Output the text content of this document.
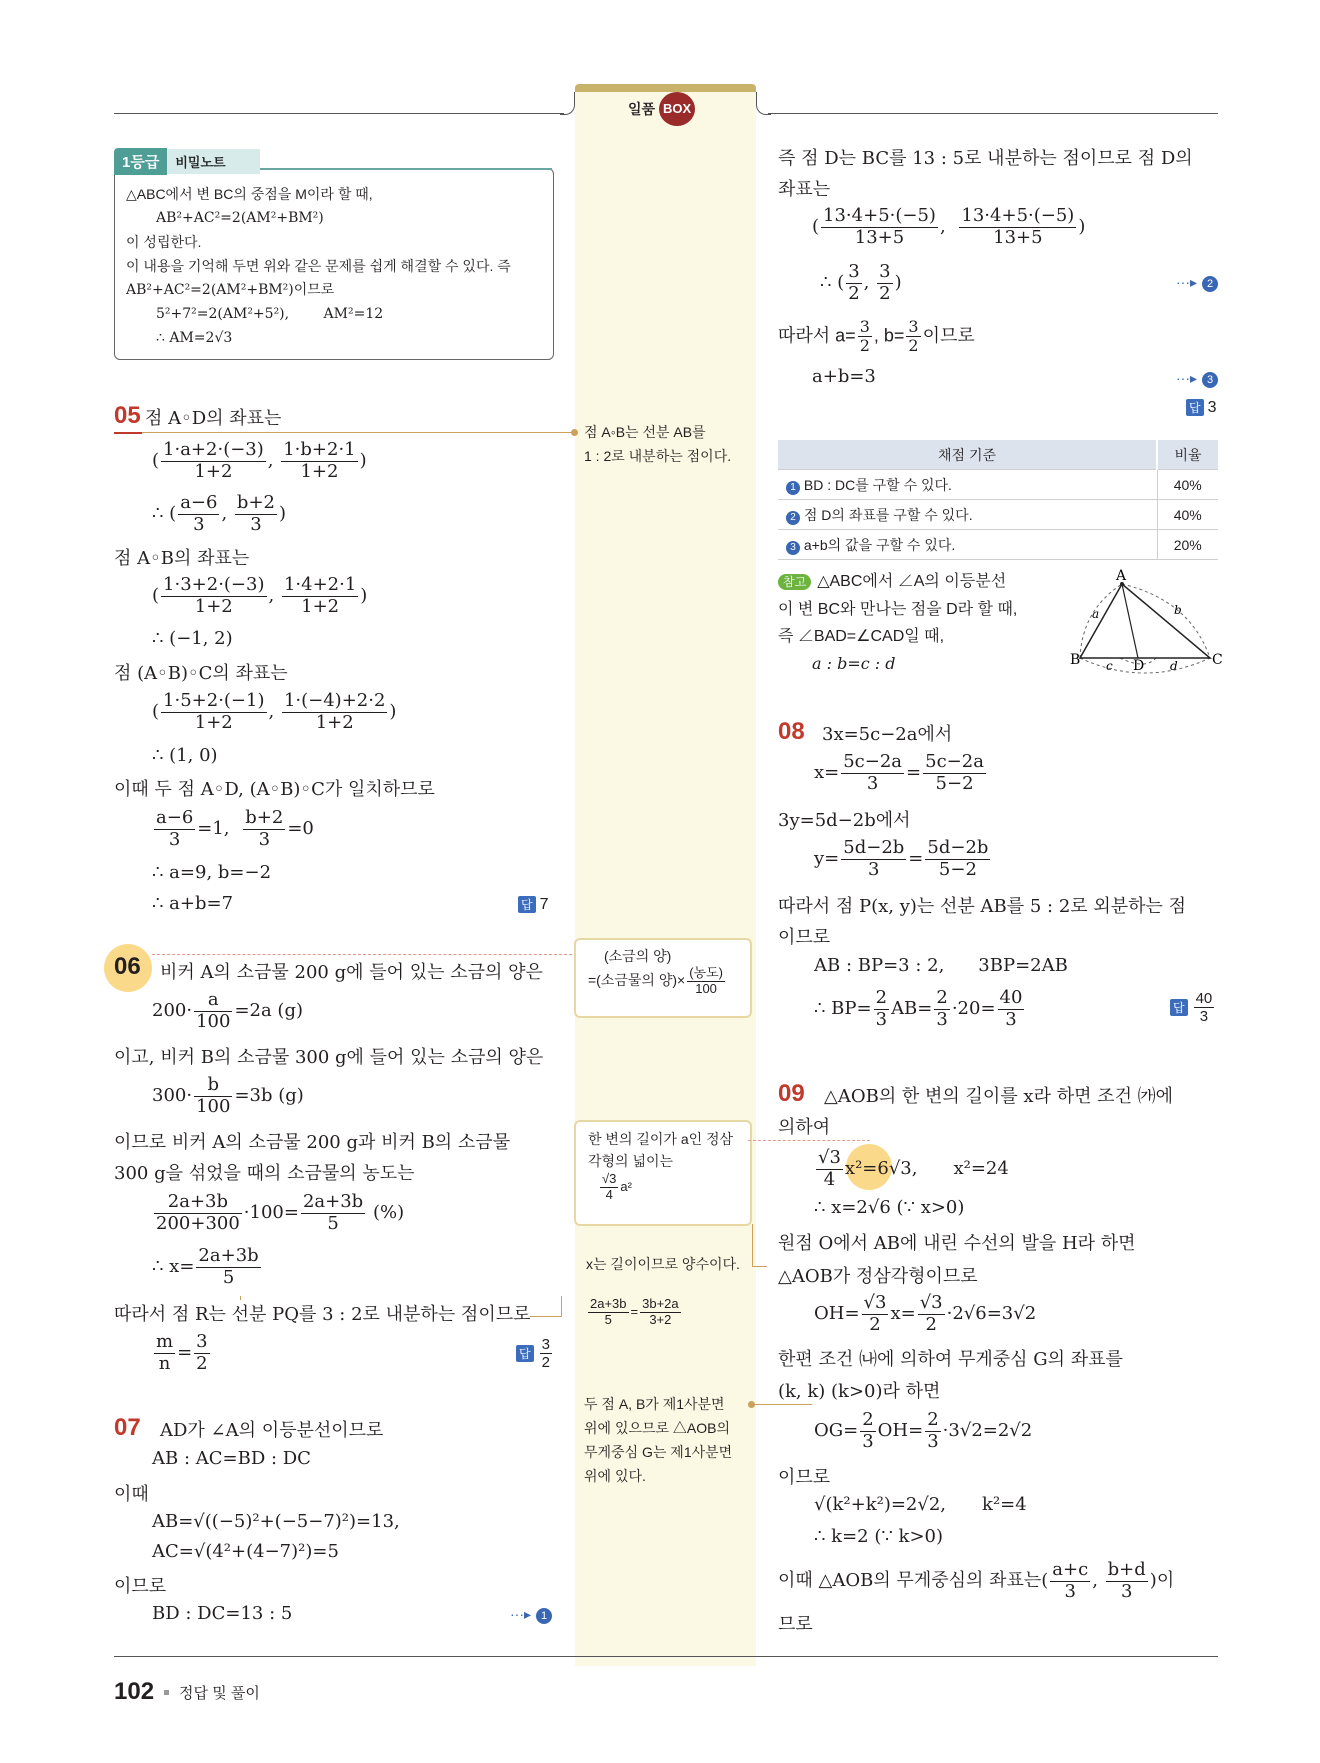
일품 BOX
1등급	비밀노트
△ABC에서 변 BC의 중점을 M이라 할 때,
AB²+AC²=2(AM²+BM²)
이 성립한다.
이 내용을 기억해 두면 위와 같은 문제를 쉽게 해결할 수 있다. 즉
AB²+AC²=2(AM²+BM²)이므로
5²+7²=2(AM²+5²), AM²=12
∴ AM=2√3
05 점 A◦D의 좌표는
( $\frac{1\cdot a+2\cdot(-3)}{1+2}$ , $\frac{1\cdot b+2\cdot 1}{1+2}$ )
∴ ( $\frac{a-6}{3}$ , $\frac{b+2}{3}$ )
점 A◦B의 좌표는
( $\frac{1\cdot 3+2\cdot(-3)}{1+2}$ , $\frac{1\cdot 4+2\cdot 1}{1+2}$ )
∴ (−1, 2)
점 (A◦B)◦C의 좌표는
( $\frac{1\cdot 5+2\cdot(-1)}{1+2}$ , $\frac{1\cdot(-4)+2\cdot 2}{1+2}$ )
∴ (1, 0)
이때 두 점 A◦D, (A◦B)◦C가 일치하므로
$\frac{a-6}{3} =1$, $\frac{b+2}{3} =0$
∴ a=9, b=−2
∴ a+b=7	답 7
06 비커 A의 소금물 200 g에 들어 있는 소금의 양은
$200\cdot \frac{a}{100} =2a$ (g)
이고, 비커 B의 소금물 300 g에 들어 있는 소금의 양은
$300\cdot \frac{b}{100} =3b$ (g)
이므로 비커 A의 소금물 200 g과 비커 B의 소금물
300 g을 섞었을 때의 소금물의 농도는
$\frac{2a+3b}{200+300} \cdot 100= \frac{2a+3b}{5}$ (%)
∴ $x= \frac{2a+3b}{5}$
따라서 점 R는 선분 PQ를 3 : 2로 내분하는 점이므로
$\frac{m}{n} = \frac{3}{2}$	답 $\frac{3}{2}$
07 AD가 ∠A의 이등분선이므로
AB : AC=BD : DC
이때
AB=√((−5)²+(−5−7)²)=13,
AC=√(4²+(4−7)²)=5
이므로
BD : DC=13 : 5	···▸ 1
점 A◦B는 선분 AB를
1 : 2로 내분하는 점이다.
(소금의 양)
=(소금물의 양)× $\frac{\text{(농도)}}{100}$
한 변의 길이가 a인 정삼
각형의 넓이는
$\frac{√3}{4} a^2$
x는 길이이므로 양수이다.
$\frac{2a+3b}{5} = \frac{3b+2a}{3+2}$
두 점 A, B가 제1사분면
위에 있으므로 △AOB의
무게중심 G는 제1사분면
위에 있다.
즉 점 D는 BC를 13 : 5로 내분하는 점이므로 점 D의
좌표는
( $\frac{13\cdot 4+5\cdot(-5)}{13+5}$ , $\frac{13\cdot 4+5\cdot(-5)}{13+5}$ )
∴ ( $\frac{3}{2}$ , $\frac{3}{2}$ )	···▸ 2
따라서 $a= \frac{3}{2}$ , $b= \frac{3}{2}$ 이므로
a+b=3	···▸ 3
답 3
채점 기준	비율
1 BD : DC를 구할 수 있다.	40%
2 점 D의 좌표를 구할 수 있다.	40%
3 a+b의 값을 구할 수 있다.	20%
참고 △ABC에서 ∠A의 이등분선
이 변 BC와 만나는 점을 D라 할 때,
즉 ∠BAD=∠CAD일 때,
a : b=c : d
A
B	C
D
a	b
c	d
08 3x=5c−2a에서
$x= \frac{5c-2a}{3} = \frac{5c-2a}{5-2}$
3y=5d−2b에서
$y= \frac{5d-2b}{3} = \frac{5d-2b}{5-2}$
따라서 점 P(x, y)는 선분 AB를 5 : 2로 외분하는 점
이므로
AB : BP=3 : 2, 3BP=2AB
∴ $BP= \frac{2}{3} AB= \frac{2}{3} \cdot 20= \frac{40}{3}$	답 $\frac{40}{3}$
09 △AOB의 한 변의 길이를 x라 하면 조건 ㈎에
의하여
$\frac{√3}{4} x^2=6√3$, x²=24
∴ x=2√6 (∵ x>0)
원점 O에서 AB에 내린 수선의 발을 H라 하면
△AOB가 정삼각형이므로
$OH= \frac{√3}{2} x= \frac{√3}{2} \cdot 2√6=3√2$
한편 조건 ㈏에 의하여 무게중심 G의 좌표를
(k, k) (k>0)라 하면
$OG= \frac{2}{3} OH= \frac{2}{3} \cdot 3√2=2√2$
이므로
√(k²+k²)=2√2, k²=4
∴ k=2 (∵ k>0)
이때 △AOB의 무게중심의 좌표는( $\frac{a+c}{3}$ , $\frac{b+d}{3}$ )이
므로
102 정답 및 풀이
